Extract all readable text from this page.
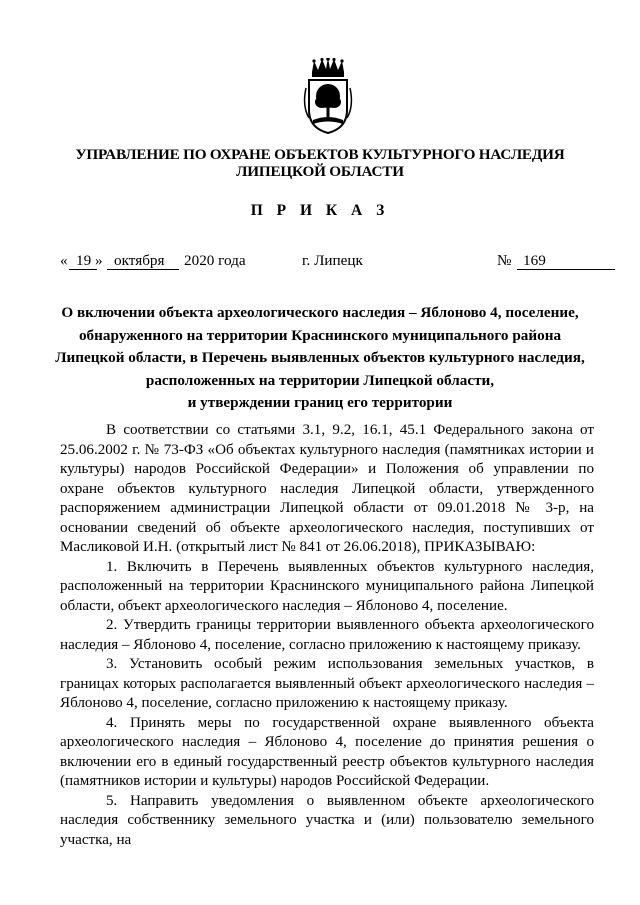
УПРАВЛЕНИЕ ПО ОХРАНЕ ОБЪЕКТОВ КУЛЬТУРНОГО НАСЛЕДИЯ
ЛИПЕЦКОЙ ОБЛАСТИ
П Р И К А З
« 19 » октября 2020 года	г. Липецк	№ 169
О включении объекта археологического наследия – Яблоново 4, поселение,
обнаруженного на территории Краснинского муниципального района
Липецкой области, в Перечень выявленных объектов культурного наследия,
расположенных на территории Липецкой области,
и утверждении границ его территории

В соответствии со статьями 3.1, 9.2, 16.1, 45.1 Федерального закона от 25.06.2002 г. № 73-ФЗ «Об объектах культурного наследия (памятниках истории и культуры) народов Российской Федерации» и Положения об управлении по охране объектов культурного наследия Липецкой области, утвержденного распоряжением администрации Липецкой области от 09.01.2018 № 3-р, на основании сведений об объекте археологического наследия, поступивших от Масликовой И.Н. (открытый лист № 841 от 26.06.2018), ПРИКАЗЫВАЮ:

1. Включить в Перечень выявленных объектов культурного наследия, расположенный на территории Краснинского муниципального района Липецкой области, объект археологического наследия – Яблоново 4, поселение.

2. Утвердить границы территории выявленного объекта археологического наследия – Яблоново 4, поселение, согласно приложению к настоящему приказу.

3. Установить особый режим использования земельных участков, в границах которых располагается выявленный объект археологического наследия – Яблоново 4, поселение, согласно приложению к настоящему приказу.

4. Принять меры по государственной охране выявленного объекта археологического наследия – Яблоново 4, поселение до принятия решения о включении его в единый государственный реестр объектов культурного наследия (памятников истории и культуры) народов Российской Федерации.

5. Направить уведомления о выявленном объекте археологического наследия собственнику земельного участка и (или) пользователю земельного участка, на
